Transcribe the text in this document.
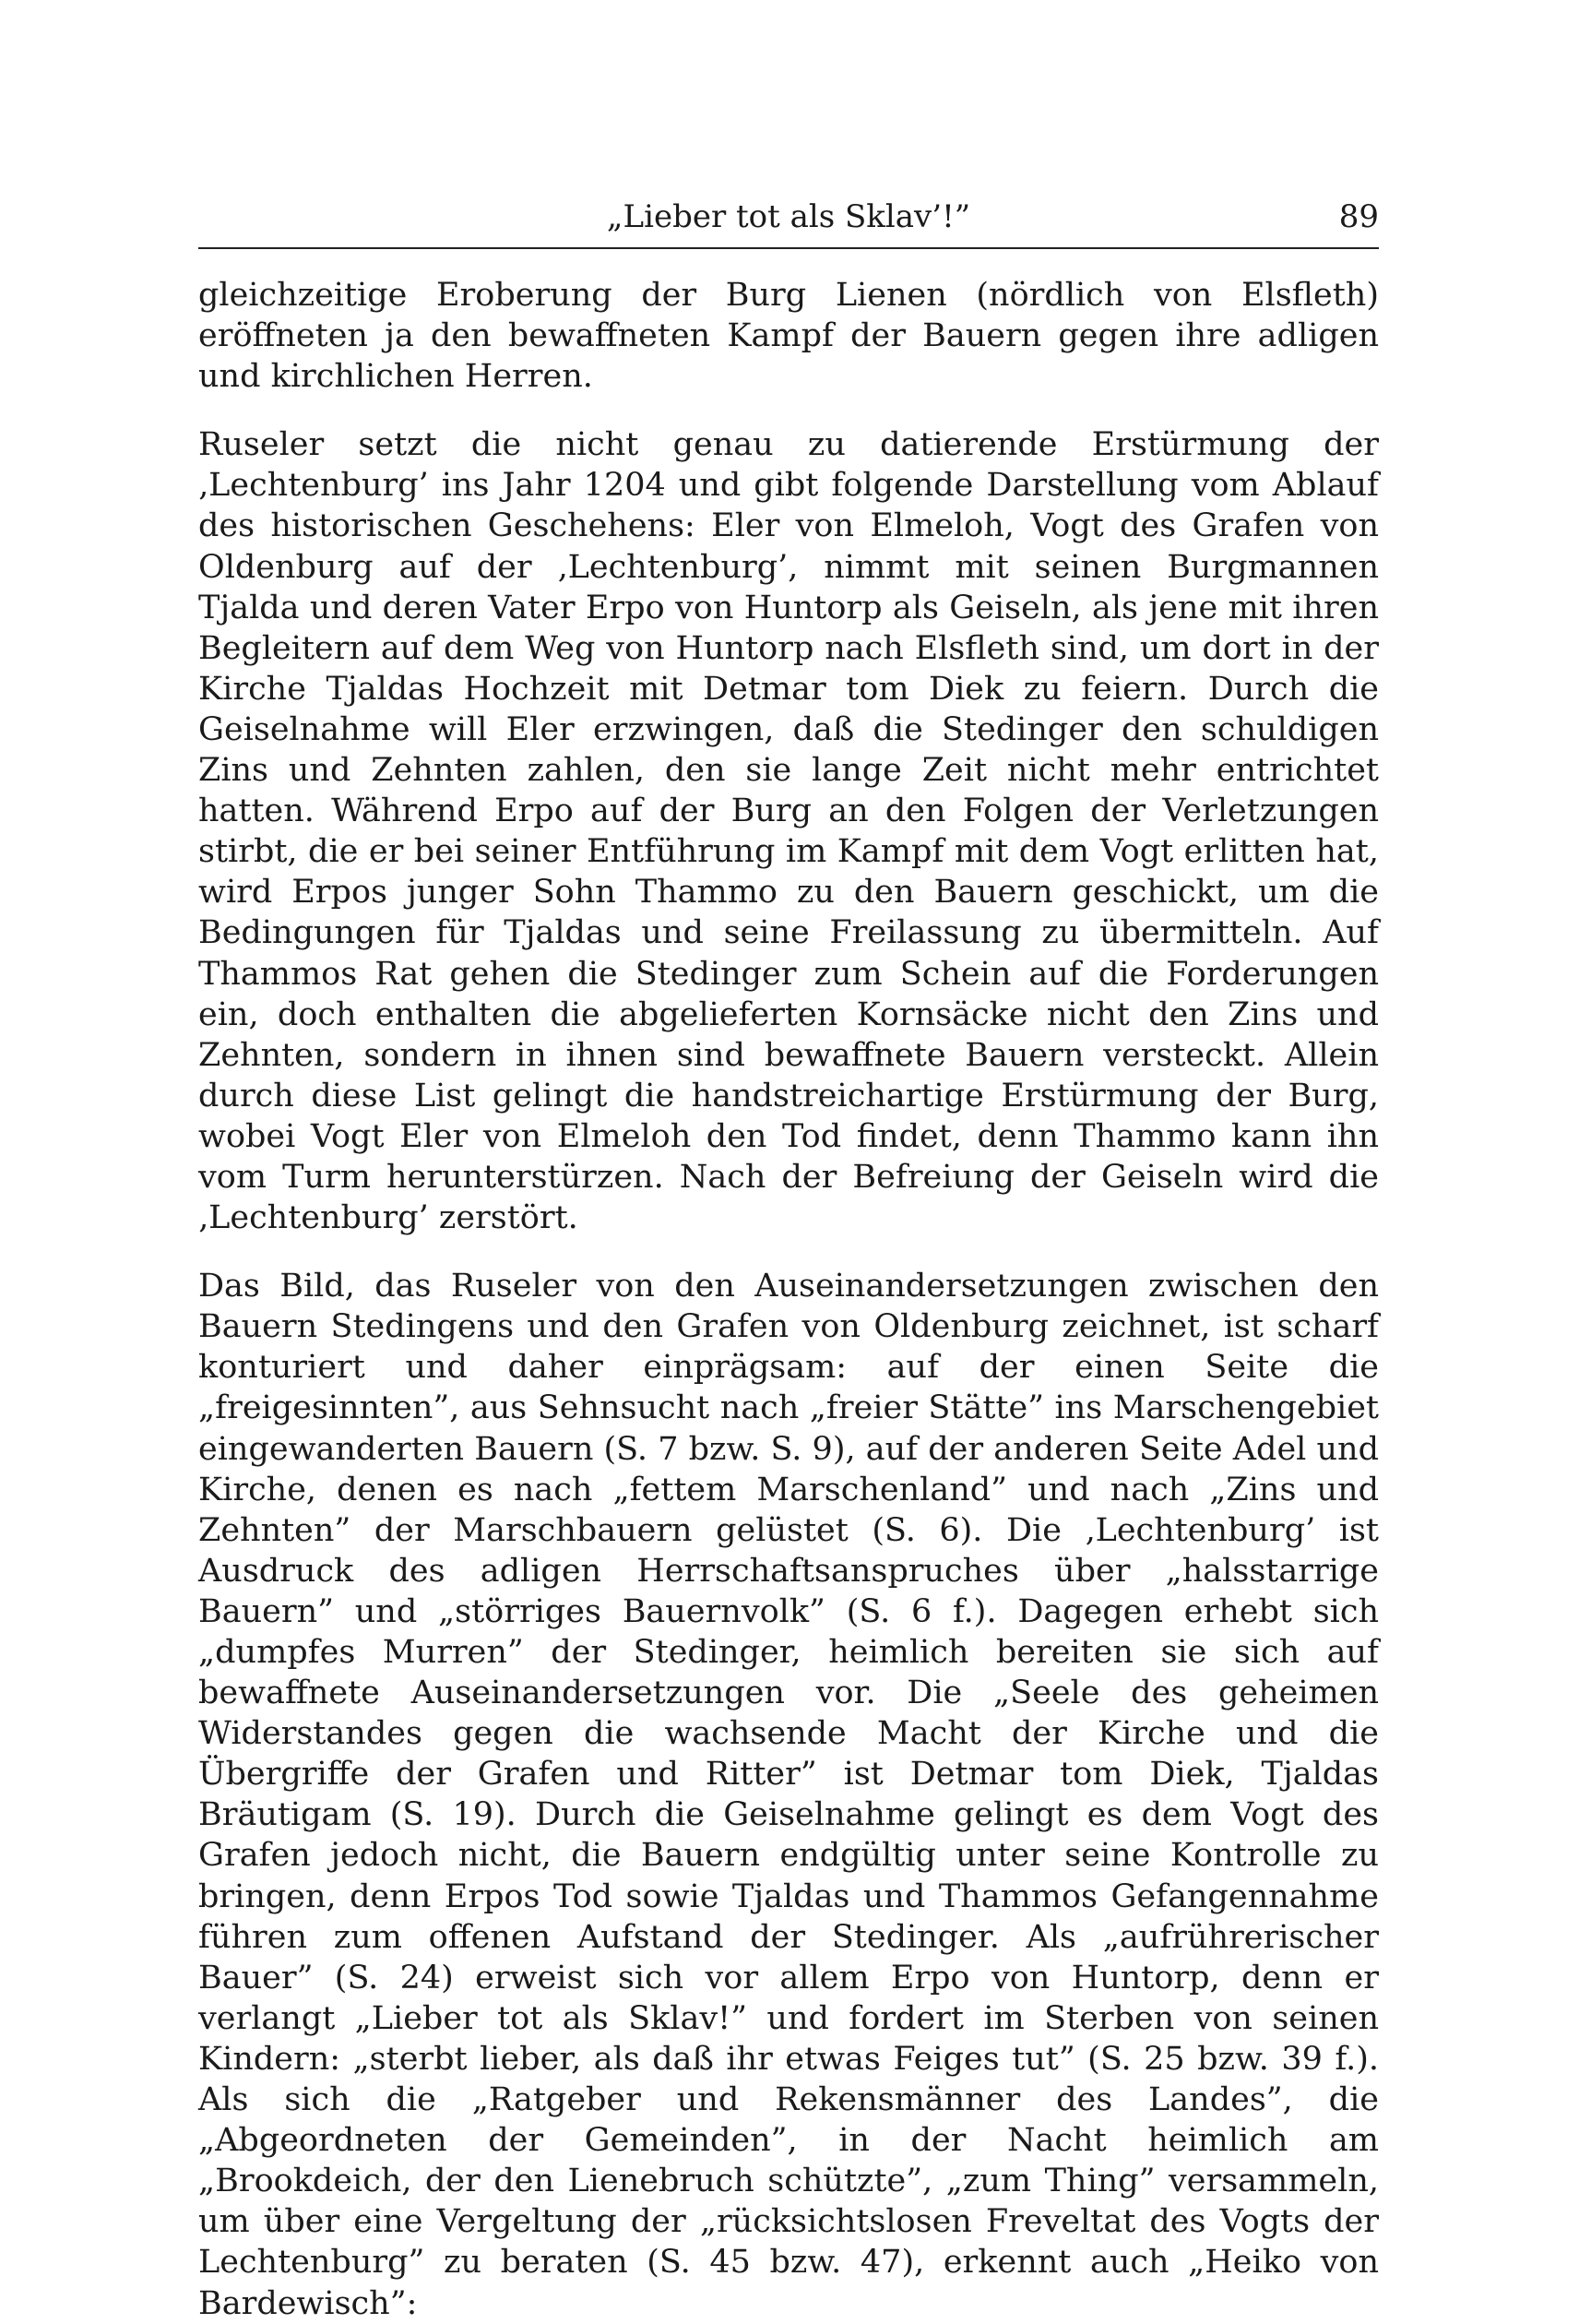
„Lieber tot als Sklav’!”	89

gleichzeitige Eroberung der Burg Lienen (nördlich von Elsfleth) eröffneten ja den bewaffneten Kampf der Bauern gegen ihre adligen und kirchlichen Herren.

Ruseler setzt die nicht genau zu datierende Erstürmung der ‚Lechtenburg’ ins Jahr 1204 und gibt folgende Darstellung vom Ablauf des historischen Geschehens: Eler von Elmeloh, Vogt des Grafen von Oldenburg auf der ‚Lechtenburg’, nimmt mit seinen Burgmannen Tjalda und deren Vater Erpo von Huntorp als Geiseln, als jene mit ihren Begleitern auf dem Weg von Huntorp nach Elsfleth sind, um dort in der Kirche Tjaldas Hochzeit mit Detmar tom Diek zu feiern. Durch die Geiselnahme will Eler erzwingen, daß die Stedinger den schuldigen Zins und Zehnten zahlen, den sie lange Zeit nicht mehr entrichtet hatten. Während Erpo auf der Burg an den Folgen der Verletzungen stirbt, die er bei seiner Entführung im Kampf mit dem Vogt erlitten hat, wird Erpos junger Sohn Thammo zu den Bauern geschickt, um die Bedingungen für Tjaldas und seine Freilassung zu übermitteln. Auf Thammos Rat gehen die Stedinger zum Schein auf die Forderungen ein, doch enthalten die abgelieferten Kornsäcke nicht den Zins und Zehnten, sondern in ihnen sind bewaffnete Bauern versteckt. Allein durch diese List gelingt die handstreichartige Erstürmung der Burg, wobei Vogt Eler von Elmeloh den Tod findet, denn Thammo kann ihn vom Turm herunterstürzen. Nach der Befreiung der Geiseln wird die ‚Lechtenburg’ zerstört.

Das Bild, das Ruseler von den Auseinandersetzungen zwischen den Bauern Stedingens und den Grafen von Oldenburg zeichnet, ist scharf konturiert und daher einprägsam: auf der einen Seite die „freigesinnten”, aus Sehnsucht nach „freier Stätte” ins Marschengebiet eingewanderten Bauern (S. 7 bzw. S. 9), auf der anderen Seite Adel und Kirche, denen es nach „fettem Marschenland” und nach „Zins und Zehnten” der Marschbauern gelüstet (S. 6). Die ‚Lechtenburg’ ist Ausdruck des adligen Herrschaftsanspruches über „halsstarrige Bauern” und „störriges Bauernvolk” (S. 6 f.). Dagegen erhebt sich „dumpfes Murren” der Stedinger, heimlich bereiten sie sich auf bewaffnete Auseinandersetzungen vor. Die „Seele des geheimen Widerstandes gegen die wachsende Macht der Kirche und die Übergriffe der Grafen und Ritter” ist Detmar tom Diek, Tjaldas Bräutigam (S. 19). Durch die Geiselnahme gelingt es dem Vogt des Grafen jedoch nicht, die Bauern endgültig unter seine Kontrolle zu bringen, denn Erpos Tod sowie Tjaldas und Thammos Gefangennahme führen zum offenen Aufstand der Stedinger. Als „aufrührerischer Bauer” (S. 24) erweist sich vor allem Erpo von Huntorp, denn er verlangt „Lieber tot als Sklav!” und fordert im Sterben von seinen Kindern: „sterbt lieber, als daß ihr etwas Feiges tut” (S. 25 bzw. 39 f.). Als sich die „Ratgeber und Rekensmänner des Landes”, die „Abgeordneten der Gemeinden”, in der Nacht heimlich am „Brookdeich, der den Lienebruch schützte”, „zum Thing” versammeln, um über eine Vergeltung der „rücksichtslosen Freveltat des Vogts der Lechtenburg” zu beraten (S. 45 bzw. 47), erkennt auch „Heiko von Bardewisch”:
